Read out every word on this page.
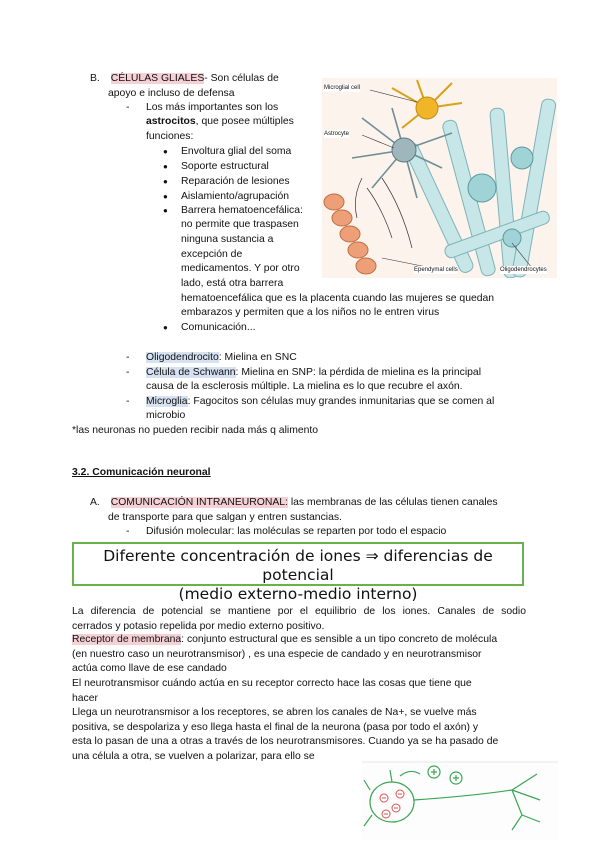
B. CÉLULAS GLIALES- Son células de
apoyo e incluso de defensa
- Los más importantes son los
astrocitos, que posee múltiples
funciones:
● Envoltura glial del soma
● Soporte estructural
● Reparación de lesiones
● Aislamiento/agrupación
● Barrera hematoencefálica:
no permite que traspasen
ninguna sustancia a
excepción de
medicamentos. Y por otro
lado, está otra barrera
hematoencefálica que es la placenta cuando las mujeres se quedan
embarazos y permiten que a los niños no le entren virus
● Comunicación...
Microglial cell
Astrocyte
Ependymal cells	Oligodendrocytes
- Oligodendrocito: Mielina en SNC
- Célula de Schwann: Mielina en SNP: la pérdida de mielina es la principal
causa de la esclerosis múltiple. La mielina es lo que recubre el axón.
- Microglia: Fagocitos son células muy grandes inmunitarias que se comen al
microbio
*las neuronas no pueden recibir nada más q alimento
3.2. Comunicación neuronal
A. COMUNICACIÓN INTRANEURONAL: las membranas de las células tienen canales
de transporte para que salgan y entren sustancias.
- Difusión molecular: las moléculas se reparten por todo el espacio
Diferente concentración de iones ⇒ diferencias de potencial
(medio externo-medio interno)
La diferencia de potencial se mantiene por el equilibrio de los iones. Canales de sodio
cerrados y potasio repelida por medio externo positivo.
Receptor de membrana: conjunto estructural que es sensible a un tipo concreto de molécula
(en nuestro caso un neurotransmisor) , es una especie de candado y en neurotransmisor
actúa como llave de ese candado
El neurotransmisor cuándo actúa en su receptor correcto hace las cosas que tiene que
hacer
Llega un neurotransmisor a los receptores, se abren los canales de Na+, se vuelve más
positiva, se despolariza y eso llega hasta el final de la neurona (pasa por todo el axón) y
esta lo pasan de una a otras a través de los neurotransmisores. Cuando ya se ha pasado de
una célula a otra, se vuelven a polarizar, para ello se
